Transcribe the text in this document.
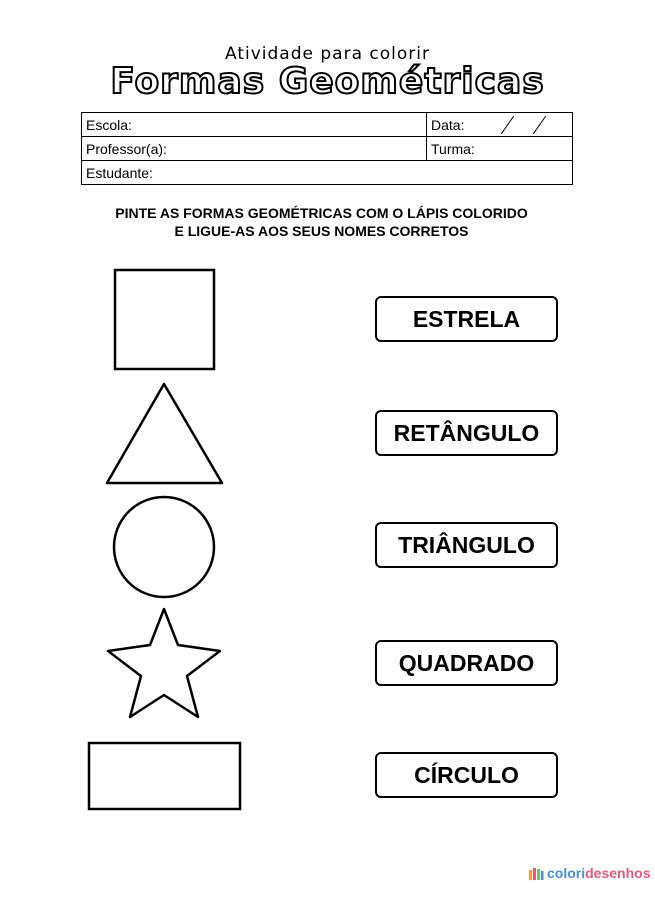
Atividade para colorir
Formas Geométricas
Escola:	Data:

Professor(a):	Turma:
Estudante:	
PINTE AS FORMAS GEOMÉTRICAS COM O LÁPIS COLORIDO
E LIGUE-AS AOS SEUS NOMES CORRETOS
ESTRELA
RETÂNGULO
TRIÂNGULO
QUADRADO
CÍRCULO
colori desenhos
